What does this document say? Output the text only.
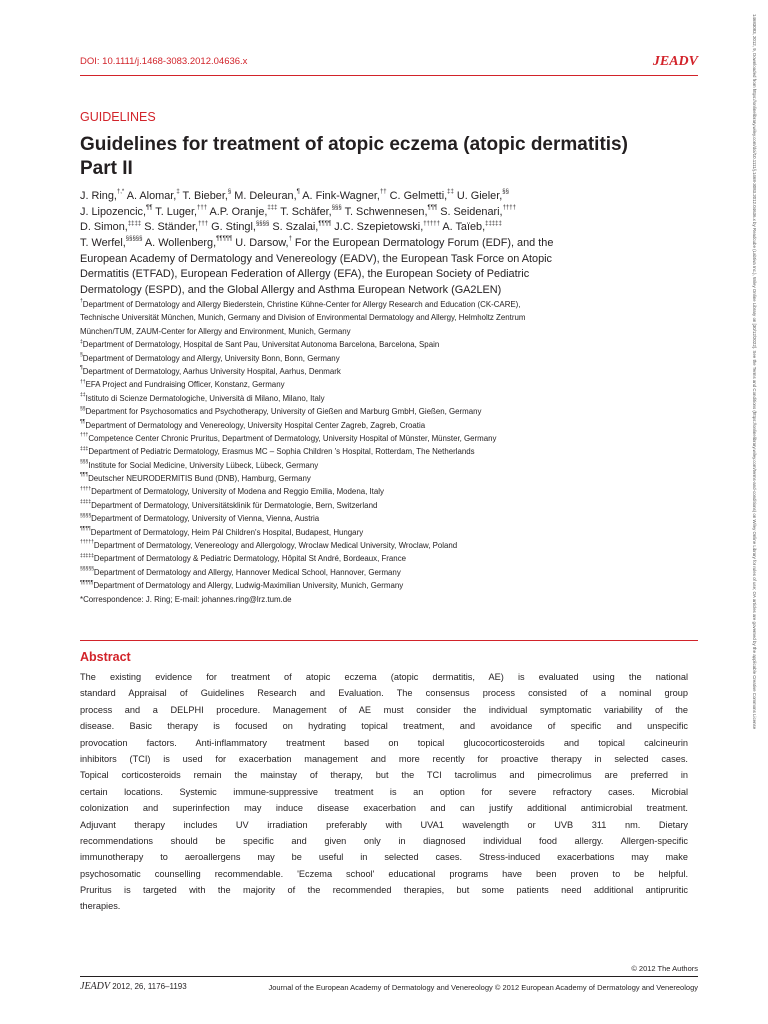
DOI: 10.1111/j.1468-3083.2012.04636.x	JEADV
GUIDELINES
Guidelines for treatment of atopic eczema (atopic dermatitis) Part II
J. Ring,†,* A. Alomar,‡ T. Bieber,§ M. Deleuran,¶ A. Fink-Wagner,†† C. Gelmetti,‡‡ U. Gieler,§§
J. Lipozencic,¶¶ T. Luger,††† A.P. Oranje,‡‡‡ T. Schäfer,§§§ T. Schwennesen,¶¶¶ S. Seidenari,††††
D. Simon,‡‡‡‡ S. Ständer,††† G. Stingl,§§§§ S. Szalai,¶¶¶¶ J.C. Szepietowski,††††† A. Taïeb,‡‡‡‡‡
T. Werfel,§§§§§ A. Wollenberg,¶¶¶¶¶ U. Darsow,† For the European Dermatology Forum (EDF), and the
European Academy of Dermatology and Venereology (EADV), the European Task Force on Atopic
Dermatitis (ETFAD), European Federation of Allergy (EFA), the European Society of Pediatric
Dermatology (ESPD), and the Global Allergy and Asthma European Network (GA2LEN)
†Department of Dermatology and Allergy Biederstein, Christine Kühne-Center for Allergy Research and Education (CK-CARE),
Technische Universität München, Munich, Germany and Division of Environmental Dermatology and Allergy, Helmholtz Zentrum
München/TUM, ZAUM-Center for Allergy and Environment, Munich, Germany
‡Department of Dermatology, Hospital de Sant Pau, Universitat Autonoma Barcelona, Barcelona, Spain
§Department of Dermatology and Allergy, University Bonn, Bonn, Germany
¶Department of Dermatology, Aarhus University Hospital, Aarhus, Denmark
††EFA Project and Fundraising Officer, Konstanz, Germany
‡‡Istituto di Scienze Dermatologiche, Università di Milano, Milano, Italy
§§Department for Psychosomatics and Psychotherapy, University of Gießen and Marburg GmbH, Gießen, Germany
¶¶Department of Dermatology and Venereology, University Hospital Center Zagreb, Zagreb, Croatia
†††Competence Center Chronic Pruritus, Department of Dermatology, University Hospital of Münster, Münster, Germany
‡‡‡Department of Pediatric Dermatology, Erasmus MC – Sophia Children 's Hospital, Rotterdam, The Netherlands
§§§Institute for Social Medicine, University Lübeck, Lübeck, Germany
¶¶¶Deutscher NEURODERMITIS Bund (DNB), Hamburg, Germany
††††Department of Dermatology, University of Modena and Reggio Emilia, Modena, Italy
‡‡‡‡Department of Dermatology, Universitätsklinik für Dermatologie, Bern, Switzerland
§§§§Department of Dermatology, University of Vienna, Vienna, Austria
¶¶¶¶Department of Dermatology, Heim Pál Children's Hospital, Budapest, Hungary
†††††Department of Dermatology, Venereology and Allergology, Wroclaw Medical University, Wroclaw, Poland
‡‡‡‡‡Department of Dermatology & Pediatric Dermatology, Hôpital St André, Bordeaux, France
§§§§§Department of Dermatology and Allergy, Hannover Medical School, Hannover, Germany
¶¶¶¶¶Department of Dermatology and Allergy, Ludwig-Maximilian University, Munich, Germany
*Correspondence: J. Ring; E-mail: johannes.ring@lrz.tum.de
Abstract
The existing evidence for treatment of atopic eczema (atopic dermatitis, AE) is evaluated using the national
standard Appraisal of Guidelines Research and Evaluation. The consensus process consisted of a nominal group
process and a DELPHI procedure. Management of AE must consider the individual symptomatic variability of the
disease. Basic therapy is focused on hydrating topical treatment, and avoidance of specific and unspecific
provocation factors. Anti-inflammatory treatment based on topical glucocorticosteroids and topical calcineurin
inhibitors (TCI) is used for exacerbation management and more recently for proactive therapy in selected cases.
Topical corticosteroids remain the mainstay of therapy, but the TCI tacrolimus and pimecrolimus are preferred in
certain locations. Systemic immune-suppressive treatment is an option for severe refractory cases. Microbial
colonization and superinfection may induce disease exacerbation and can justify additional antimicrobial treatment.
Adjuvant therapy includes UV irradiation preferably with UVA1 wavelength or UVB 311 nm. Dietary
recommendations should be specific and given only in diagnosed individual food allergy. Allergen-specific
immunotherapy to aeroallergens may be useful in selected cases. Stress-induced exacerbations may make
psychosomatic counselling recommendable. 'Eczema school' educational programs have been proven to be helpful.
Pruritus is targeted with the majority of the recommended therapies, but some patients need additional antipruritic
therapies.
© 2012 The Authors
JEADV 2012, 26, 1176–1193	Journal of the European Academy of Dermatology and Venereology © 2012 European Academy of Dermatology and Venereology
14683083, 2012, 9, Downloaded from https://onlinelibrary.wiley.com/doi/10.1111/j.1468-3083.2012.04636.x by Readcube (Labtiva Inc.), Wiley Online Library on [30/12/2022]. See the Terms and Conditions (https://onlinelibrary.wiley.com/terms-and-conditions) on Wiley Online Library for rules of use; OA articles are governed by the applicable Creative Commons License
